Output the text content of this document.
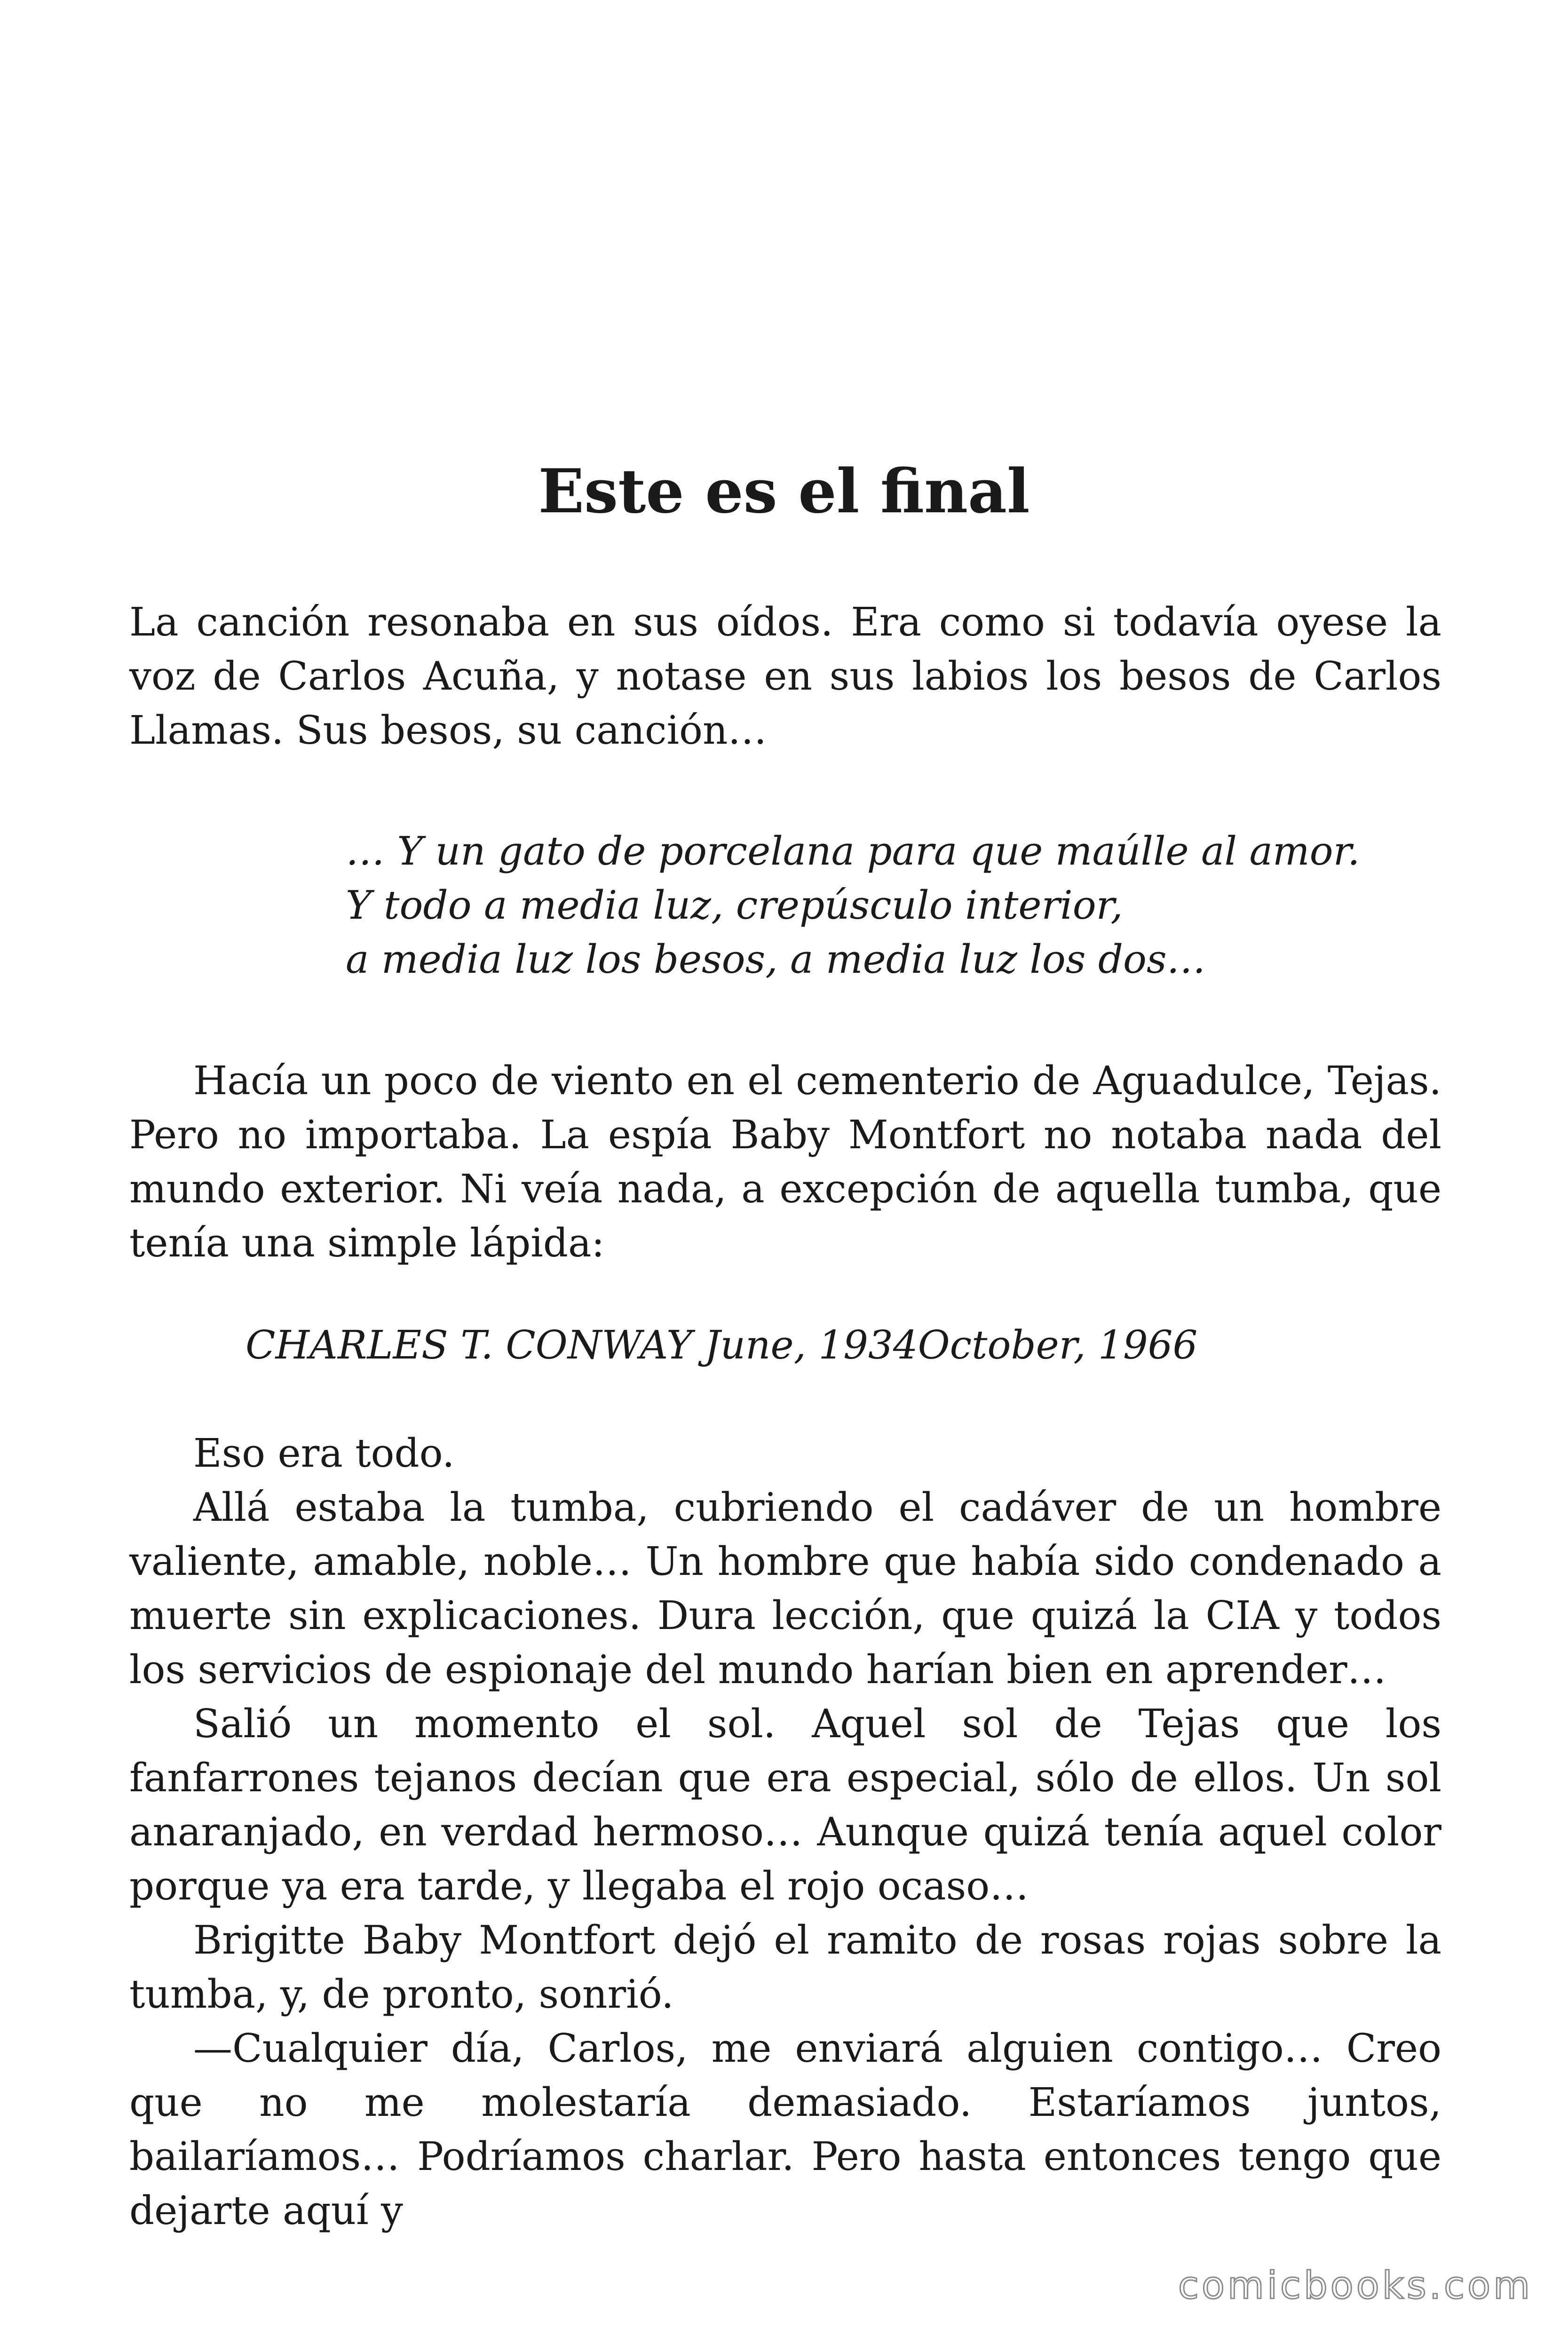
Este es el final

La canción resonaba en sus oídos. Era como si todavía oyese la voz de Carlos Acuña, y notase en sus labios los besos de Carlos Llamas. Sus besos, su canción…

… Y un gato de porcelana para que maúlle al amor.
Y todo a media luz, crepúsculo interior,
a media luz los besos, a media luz los dos…

Hacía un poco de viento en el cementerio de Aguadulce, Tejas. Pero no importaba. La espía Baby Montfort no notaba nada del mundo exterior. Ni veía nada, a excepción de aquella tumba, que tenía una simple lápida:

CHARLES T. CONWAY June, 1934October, 1966

Eso era todo.

Allá estaba la tumba, cubriendo el cadáver de un hombre valiente, amable, noble… Un hombre que había sido condenado a muerte sin explicaciones. Dura lección, que quizá la CIA y todos los servicios de espionaje del mundo harían bien en aprender…

Salió un momento el sol. Aquel sol de Tejas que los fanfarrones tejanos decían que era especial, sólo de ellos. Un sol anaranjado, en verdad hermoso… Aunque quizá tenía aquel color porque ya era tarde, y llegaba el rojo ocaso…

Brigitte Baby Montfort dejó el ramito de rosas rojas sobre la tumba, y, de pronto, sonrió.

—Cualquier día, Carlos, me enviará alguien contigo… Creo que no me molestaría demasiado. Estaríamos juntos, bailaríamos… Podríamos charlar. Pero hasta entonces tengo que dejarte aquí y

comicbooks.com
